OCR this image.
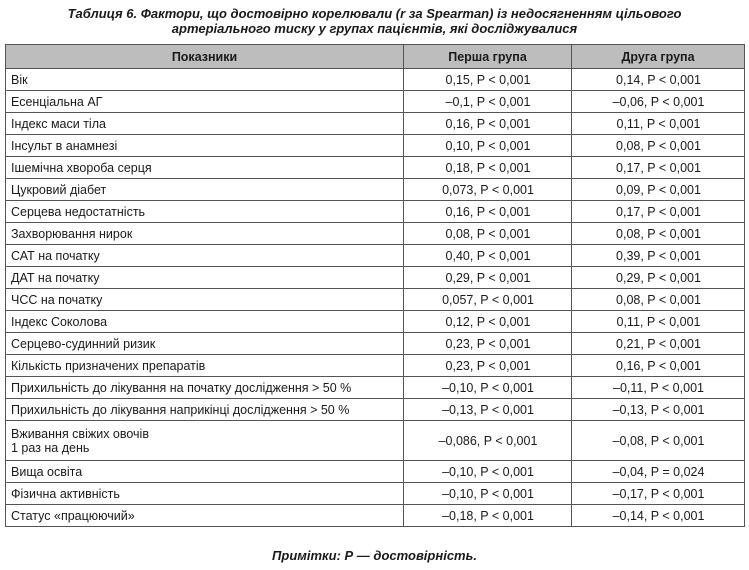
Таблиця 6. Фактори, що достовірно корелювали (r за Spearman) із недосягненням цільового
артеріального тиску у групах пацієнтів, які досліджувалися
Показники	Перша група	Друга група
Вік	0,15, P < 0,001	0,14, P < 0,001
Есенціальна АГ	–0,1, P < 0,001	–0,06, P < 0,001
Індекс маси тіла	0,16, P < 0,001	0,11, P < 0,001
Інсульт в анамнезі	0,10, P < 0,001	0,08, P < 0,001
Ішемічна хвороба серця	0,18, P < 0,001	0,17, P < 0,001
Цукровий діабет	0,073, P < 0,001	0,09, P < 0,001
Серцева недостатність	0,16, P < 0,001	0,17, P < 0,001
Захворювання нирок	0,08, P < 0,001	0,08, P < 0,001
САТ на початку	0,40, P < 0,001	0,39, P < 0,001
ДАТ на початку	0,29, P < 0,001	0,29, P < 0,001
ЧСС на початку	0,057, P < 0,001	0,08, P < 0,001
Індекс Соколова	0,12, P < 0,001	0,11, P < 0,001
Серцево-судинний ризик	0,23, P < 0,001	0,21, P < 0,001
Кількість призначених препаратів	0,23, P < 0,001	0,16, P < 0,001
Прихильність до лікування на початку дослідження > 50 %	–0,10, P < 0,001	–0,11, P < 0,001
Прихильність до лікування наприкінці дослідження > 50 %	–0,13, P < 0,001	–0,13, P < 0,001

Вживання свіжих овочів
1 раз на день	–0,086, P < 0,001	–0,08, P < 0,001
Вища освіта	–0,10, P < 0,001	–0,04, P = 0,024
Фізична активність	–0,10, P < 0,001	–0,17, P < 0,001
Статус «працюючий»	–0,18, P < 0,001	–0,14, P < 0,001
Примітки: Р — достовірність.
